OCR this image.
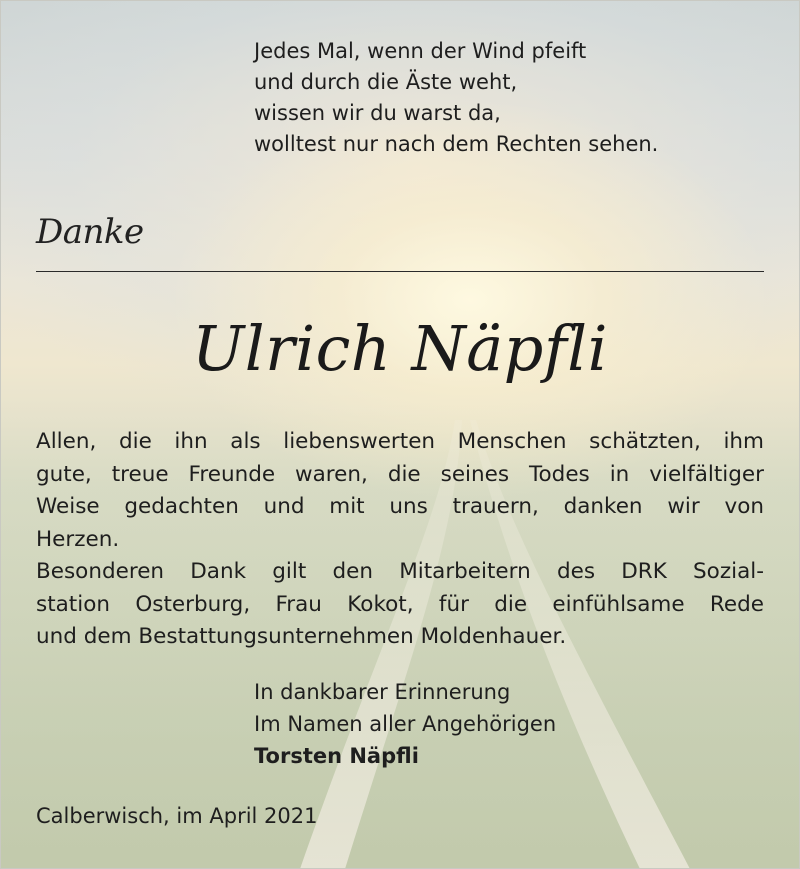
Jedes Mal, wenn der Wind pfeift
und durch die Äste weht,
wissen wir du warst da,
wolltest nur nach dem Rechten sehen.
Danke
Ulrich Näpfli
Allen, die ihn als liebenswerten Menschen schätzten, ihm
gute, treue Freunde waren, die seines Todes in vielfältiger
Weise gedachten und mit uns trauern, danken wir von
Herzen.
Besonderen Dank gilt den Mitarbeitern des DRK Sozial-
station Osterburg, Frau Kokot, für die einfühlsame Rede
und dem Bestattungsunternehmen Moldenhauer.
In dankbarer Erinnerung
Im Namen aller Angehörigen
Torsten Näpfli
Calberwisch, im April 2021
